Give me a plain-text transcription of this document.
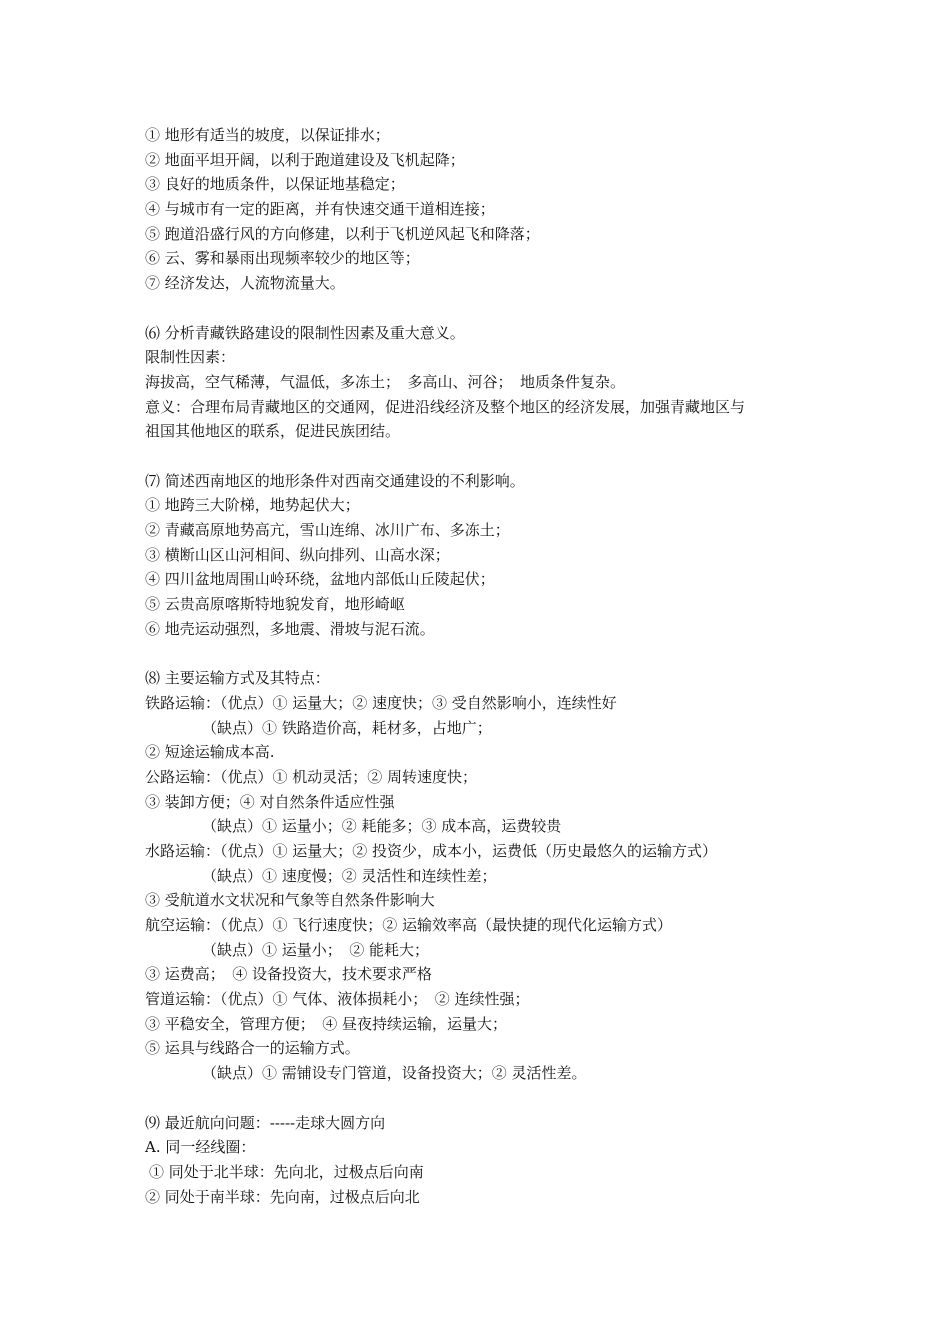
① 地形有适当的坡度，以保证排水；
② 地面平坦开阔，以利于跑道建设及飞机起降；
③ 良好的地质条件，以保证地基稳定；
④ 与城市有一定的距离，并有快速交通干道相连接；
⑤ 跑道沿盛行风的方向修建，以利于飞机逆风起飞和降落；
⑥ 云、雾和暴雨出现频率较少的地区等；
⑦ 经济发达，人流物流量大。
⑹ 分析青藏铁路建设的限制性因素及重大意义。
限制性因素：
海拔高，空气稀薄，气温低，多冻土；　多高山、河谷；　地质条件复杂。
意义：合理布局青藏地区的交通网，促进沿线经济及整个地区的经济发展，加强青藏地区与
祖国其他地区的联系，促进民族团结。
⑺ 简述西南地区的地形条件对西南交通建设的不利影响。
① 地跨三大阶梯，地势起伏大；
② 青藏高原地势高亢，雪山连绵、冰川广布、多冻土；
③ 横断山区山河相间、纵向排列、山高水深；
④ 四川盆地周围山岭环绕，盆地内部低山丘陵起伏；
⑤ 云贵高原喀斯特地貌发育，地形崎岖
⑥ 地壳运动强烈，多地震、滑坡与泥石流。
⑻ 主要运输方式及其特点：
铁路运输：（优点）① 运量大；② 速度快；③ 受自然影响小，连续性好
（缺点）① 铁路造价高，耗材多，占地广；
② 短途运输成本高.
公路运输：（优点）① 机动灵活；② 周转速度快；
③ 装卸方便；④ 对自然条件适应性强
（缺点）① 运量小；② 耗能多；③ 成本高，运费较贵
水路运输：（优点）① 运量大；② 投资少，成本小，运费低（历史最悠久的运输方式）
（缺点）① 速度慢；② 灵活性和连续性差；
③ 受航道水文状况和气象等自然条件影响大
航空运输：（优点）① 飞行速度快；② 运输效率高（最快捷的现代化运输方式）
（缺点）① 运量小；　② 能耗大；
③ 运费高；　④ 设备投资大，技术要求严格
管道运输：（优点）① 气体、液体损耗小；　② 连续性强；
③ 平稳安全，管理方便；　④ 昼夜持续运输，运量大；
⑤ 运具与线路合一的运输方式。
（缺点）① 需铺设专门管道，设备投资大；② 灵活性差。
⑼ 最近航向问题：-----走球大圆方向
A. 同一经线圈：
① 同处于北半球：先向北，过极点后向南
② 同处于南半球：先向南，过极点后向北
